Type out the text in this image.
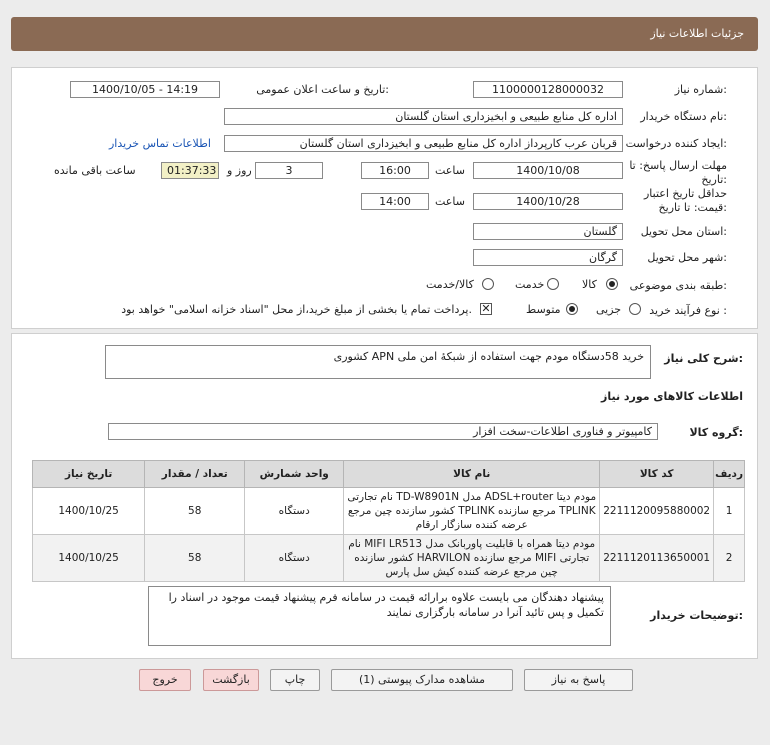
جزئیات اطلاعات نیاز
شماره نیاز:
1100000128000032
تاریخ و ساعت اعلان عمومی:
1400/10/05 - 14:19
نام دستگاه خریدار:
اداره کل منابع طبیعی و ابخیزداری استان گلستان
ایجاد کننده درخواست:
قربان عرب کارپرداز اداره کل منابع طبیعی و ابخیزداری استان گلستان
اطلاعات تماس خریدار
مهلت ارسال پاسخ: تا تاریخ:
1400/10/08
ساعت
16:00
3
روز و
01:37:33
ساعت باقی مانده
حداقل تاریخ اعتبار قیمت: تا تاریخ:
1400/10/28
ساعت
14:00
استان محل تحویل:
گلستان
شهر محل تحویل:
گرگان
طبقه بندی موضوعی:
کالا
خدمت
کالا/خدمت
نوع فرآیند خرید :
جزیی
متوسط
✕
پرداخت تمام یا بخشی از مبلغ خرید،از محل "اسناد خزانه اسلامی" خواهد بود.
شرح کلی نیاز:
خرید 58دستگاه مودم جهت استفاده از شبکۀ امن ملی APN کشوری
اطلاعات کالاهای مورد نیاز
گروه کالا:
کامپیوتر و فناوری اطلاعات-سخت افزار
ردیف	کد کالا	نام کالا	واحد شمارش	تعداد / مقدار	تاریخ نیاز
1	2211120095880002	مودم دیتا ADSL+router مدل TD-W8901N نام تجارتی TPLINK مرجع سازنده TPLINK کشور سازنده چین مرجع عرضه کننده سازگار ارقام	دستگاه	58	1400/10/25
2	2211120113650001	مودم دیتا همراه با قابلیت پاوربانک مدل MIFI LR513 نام تجارتی MIFI مرجع سازنده HARVILON کشور سازنده چین مرجع عرضه کننده کیش سل پارس	دستگاه	58	1400/10/25
توضیحات خریدار:
پیشنهاد دهندگان می بایست علاوه برارائه قیمت در سامانه فرم پیشنهاد قیمت موجود در اسناد را تکمیل و پس تائید آنرا در سامانه بارگزاری نمایند
پاسخ به نیاز
مشاهده مدارک پیوستی (1)
چاپ
بازگشت
خروج
